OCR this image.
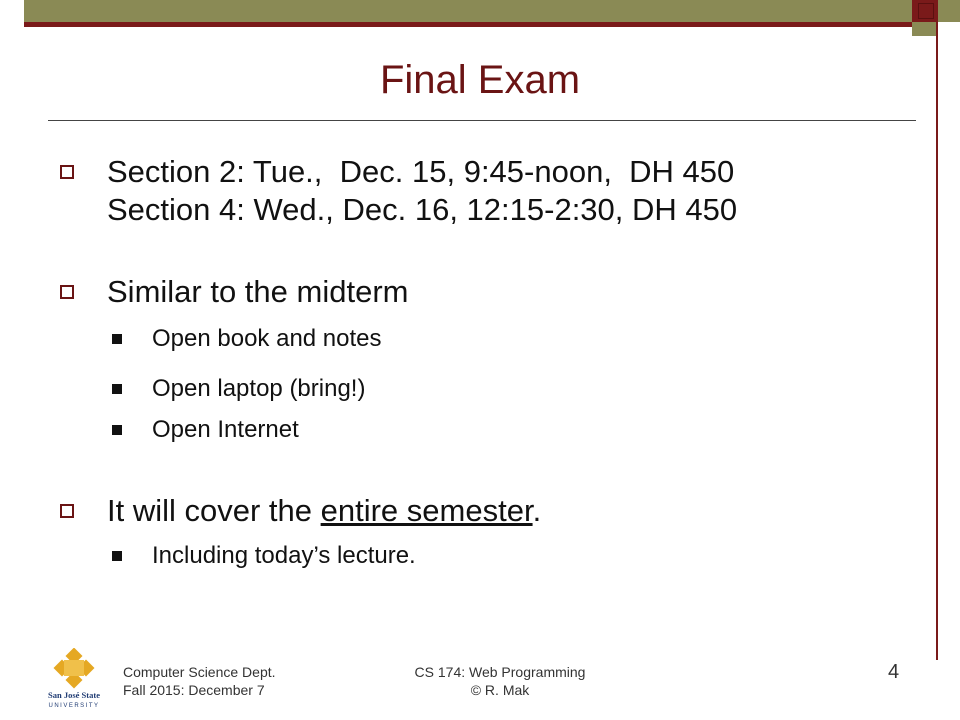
Final Exam
Section 2: Tue.,  Dec. 15, 9:45-noon,  DH 450
Section 4: Wed., Dec. 16, 12:15-2:30, DH 450
Similar to the midterm
Open book and notes
Open laptop (bring!)
Open Internet
It will cover the entire semester.
Including today’s lecture.
San José State
UNIVERSITY
Computer Science Dept.
Fall 2015: December 7
CS 174: Web Programming
© R. Mak
4
